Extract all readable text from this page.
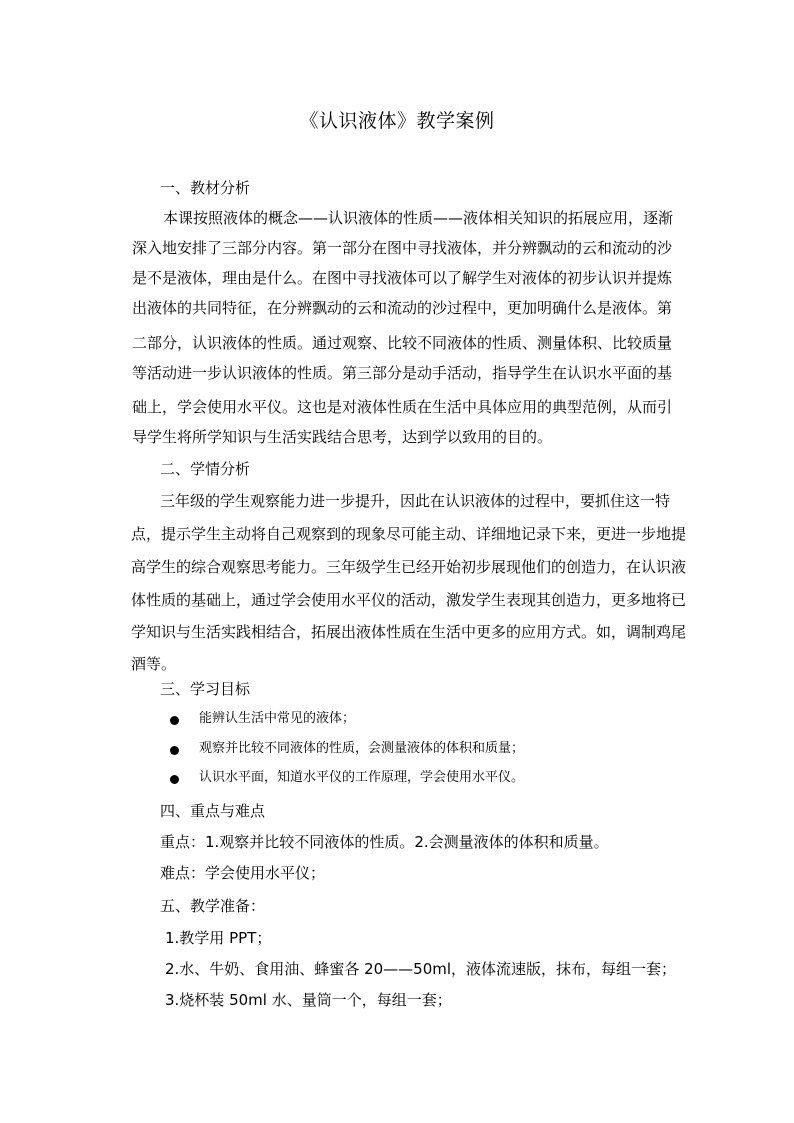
《认识液体》教学案例
一、教材分析
本课按照液体的概念——认识液体的性质——液体相关知识的拓展应用，逐渐
深入地安排了三部分内容。第一部分在图中寻找液体，并分辨飘动的云和流动的沙
是不是液体，理由是什么。在图中寻找液体可以了解学生对液体的初步认识并提炼
出液体的共同特征，在分辨飘动的云和流动的沙过程中，更加明确什么是液体。第
二部分，认识液体的性质。通过观察、比较不同液体的性质、测量体积、比较质量
等活动进一步认识液体的性质。第三部分是动手活动，指导学生在认识水平面的基
础上，学会使用水平仪。这也是对液体性质在生活中具体应用的典型范例，从而引
导学生将所学知识与生活实践结合思考，达到学以致用的目的。
二、学情分析
三年级的学生观察能力进一步提升，因此在认识液体的过程中，要抓住这一特
点，提示学生主动将自己观察到的现象尽可能主动、详细地记录下来，更进一步地提
高学生的综合观察思考能力。三年级学生已经开始初步展现他们的创造力，在认识液
体性质的基础上，通过学会使用水平仪的活动，激发学生表现其创造力，更多地将已
学知识与生活实践相结合，拓展出液体性质在生活中更多的应用方式。如，调制鸡尾
酒等。
三、学习目标
能辨认生活中常见的液体；
观察并比较不同液体的性质，会测量液体的体积和质量；
认识水平面，知道水平仪的工作原理，学会使用水平仪。
四、重点与难点
重点：1.观察并比较不同液体的性质。2.会测量液体的体积和质量。
难点：学会使用水平仪；
五、教学准备：
1.教学用 PPT；
2.水、牛奶、食用油、蜂蜜各 20——50ml，液体流速版，抹布，每组一套；
3.烧杯装 50ml 水、量筒一个，每组一套；
